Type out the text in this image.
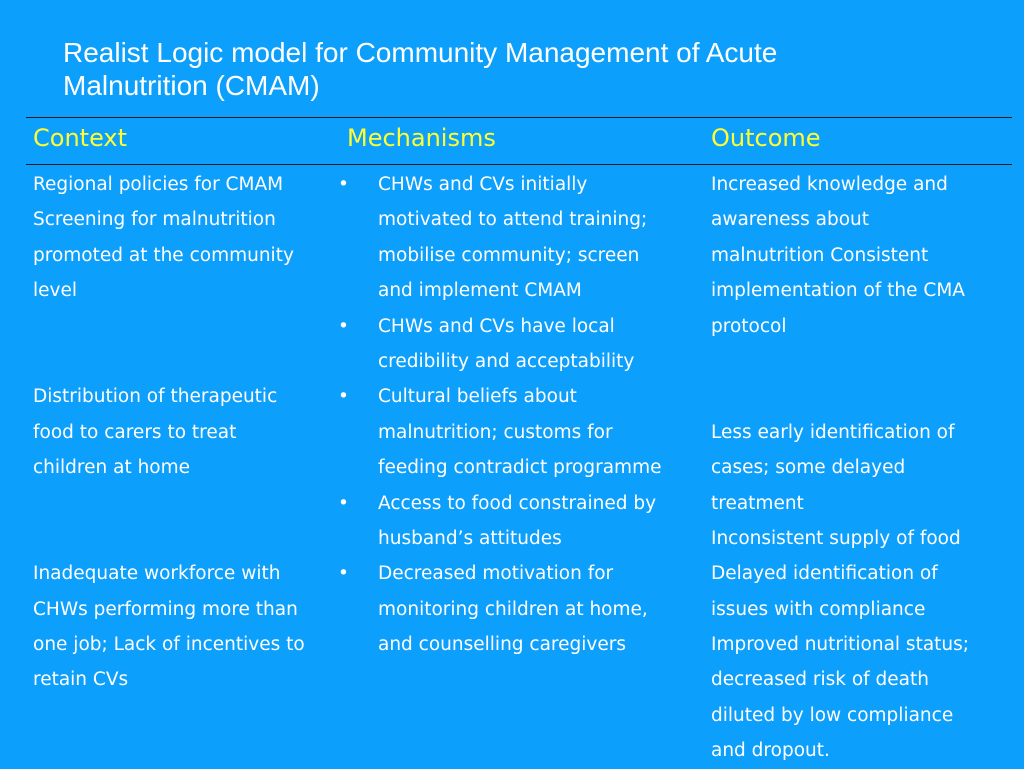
Realist Logic model for Community Management of Acute
Malnutrition (CMAM)
Context	Mechanisms	Outcome
Regional policies for CMAM
Screening for malnutrition
promoted at the community
level
Distribution of therapeutic
food to carers to treat
children at home
Inadequate workforce with
CHWs performing more than
one job; Lack of incentives to
retain CVs
• CHWs and CVs initially
motivated to attend training;
mobilise community; screen
and implement CMAM
• CHWs and CVs have local
credibility and acceptability
• Cultural beliefs about
malnutrition; customs for
feeding contradict programme
• Access to food constrained by
husband’s attitudes
• Decreased motivation for
monitoring children at home,
and counselling caregivers
Increased knowledge and
awareness about
malnutrition Consistent
implementation of the CMA
protocol
Less early identification of
cases; some delayed
treatment
Inconsistent supply of food
Delayed identification of
issues with compliance
Improved nutritional status;
decreased risk of death
diluted by low compliance
and dropout.
